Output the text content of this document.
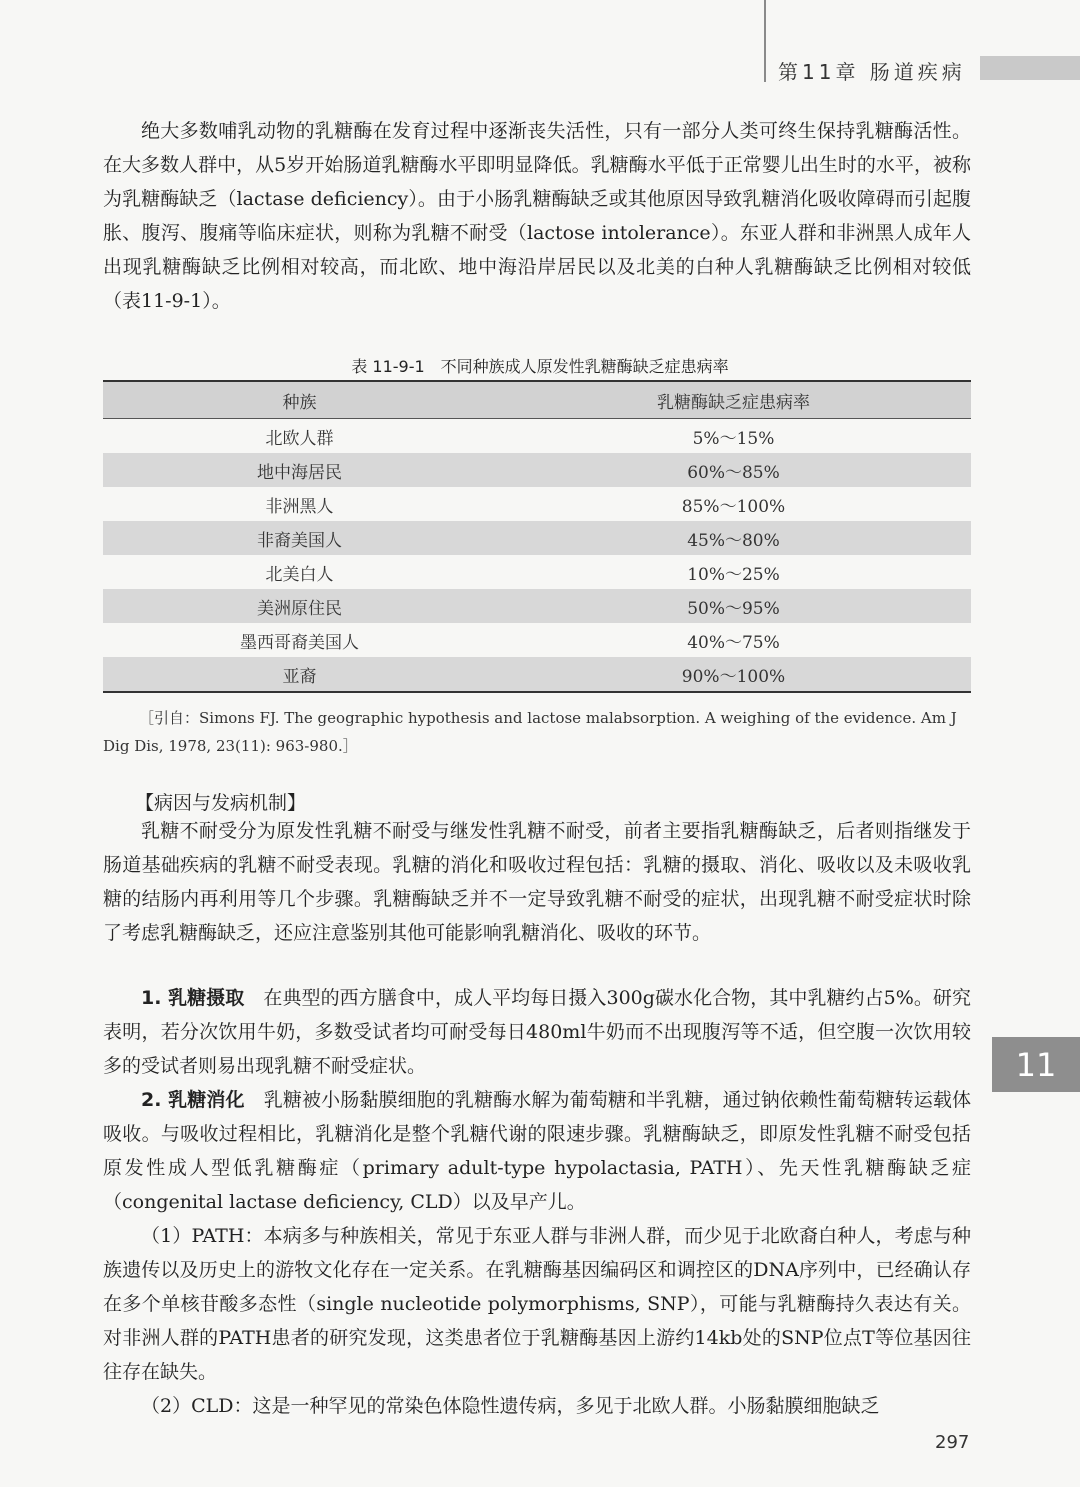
第11章 肠道疾病

绝大多数哺乳动物的乳糖酶在发育过程中逐渐丧失活性，只有一部分人类可终生保持乳糖酶活性。在大多数人群中，从5岁开始肠道乳糖酶水平即明显降低。乳糖酶水平低于正常婴儿出生时的水平，被称为乳糖酶缺乏（lactase deficiency）。由于小肠乳糖酶缺乏或其他原因导致乳糖消化吸收障碍而引起腹胀、腹泻、腹痛等临床症状，则称为乳糖不耐受（lactose intolerance）。东亚人群和非洲黑人成年人出现乳糖酶缺乏比例相对较高，而北欧、地中海沿岸居民以及北美的白种人乳糖酶缺乏比例相对较低（表11-9-1）。

表 11-9-1　不同种族成人原发性乳糖酶缺乏症患病率
种族	乳糖酶缺乏症患病率
北欧人群	5%～15%
地中海居民	60%～85%
非洲黑人	85%～100%
非裔美国人	45%～80%
北美白人	10%～25%
美洲原住民	50%～95%
墨西哥裔美国人	40%～75%
亚裔	90%～100%

［引自：Simons FJ. The geographic hypothesis and lactose malabsorption. A weighing of the evidence. Am J Dig Dis, 1978, 23(11): 963-980.］

【病因与发病机制】

乳糖不耐受分为原发性乳糖不耐受与继发性乳糖不耐受，前者主要指乳糖酶缺乏，后者则指继发于肠道基础疾病的乳糖不耐受表现。乳糖的消化和吸收过程包括：乳糖的摄取、消化、吸收以及未吸收乳糖的结肠内再利用等几个步骤。乳糖酶缺乏并不一定导致乳糖不耐受的症状，出现乳糖不耐受症状时除了考虑乳糖酶缺乏，还应注意鉴别其他可能影响乳糖消化、吸收的环节。

1. 乳糖摄取　在典型的西方膳食中，成人平均每日摄入300g碳水化合物，其中乳糖约占5%。研究表明，若分次饮用牛奶，多数受试者均可耐受每日480ml牛奶而不出现腹泻等不适，但空腹一次饮用较多的受试者则易出现乳糖不耐受症状。

2. 乳糖消化　乳糖被小肠黏膜细胞的乳糖酶水解为葡萄糖和半乳糖，通过钠依赖性葡萄糖转运载体吸收。与吸收过程相比，乳糖消化是整个乳糖代谢的限速步骤。乳糖酶缺乏，即原发性乳糖不耐受包括原发性成人型低乳糖酶症（primary adult-type hypolactasia, PATH）、先天性乳糖酶缺乏症（congenital lactase deficiency, CLD）以及早产儿。

（1）PATH：本病多与种族相关，常见于东亚人群与非洲人群，而少见于北欧裔白种人，考虑与种族遗传以及历史上的游牧文化存在一定关系。在乳糖酶基因编码区和调控区的DNA序列中，已经确认存在多个单核苷酸多态性（single nucleotide polymorphisms, SNP），可能与乳糖酶持久表达有关。对非洲人群的PATH患者的研究发现，这类患者位于乳糖酶基因上游约14kb处的SNP位点T等位基因往往存在缺失。

（2）CLD：这是一种罕见的常染色体隐性遗传病，多见于北欧人群。小肠黏膜细胞缺乏

11
297
